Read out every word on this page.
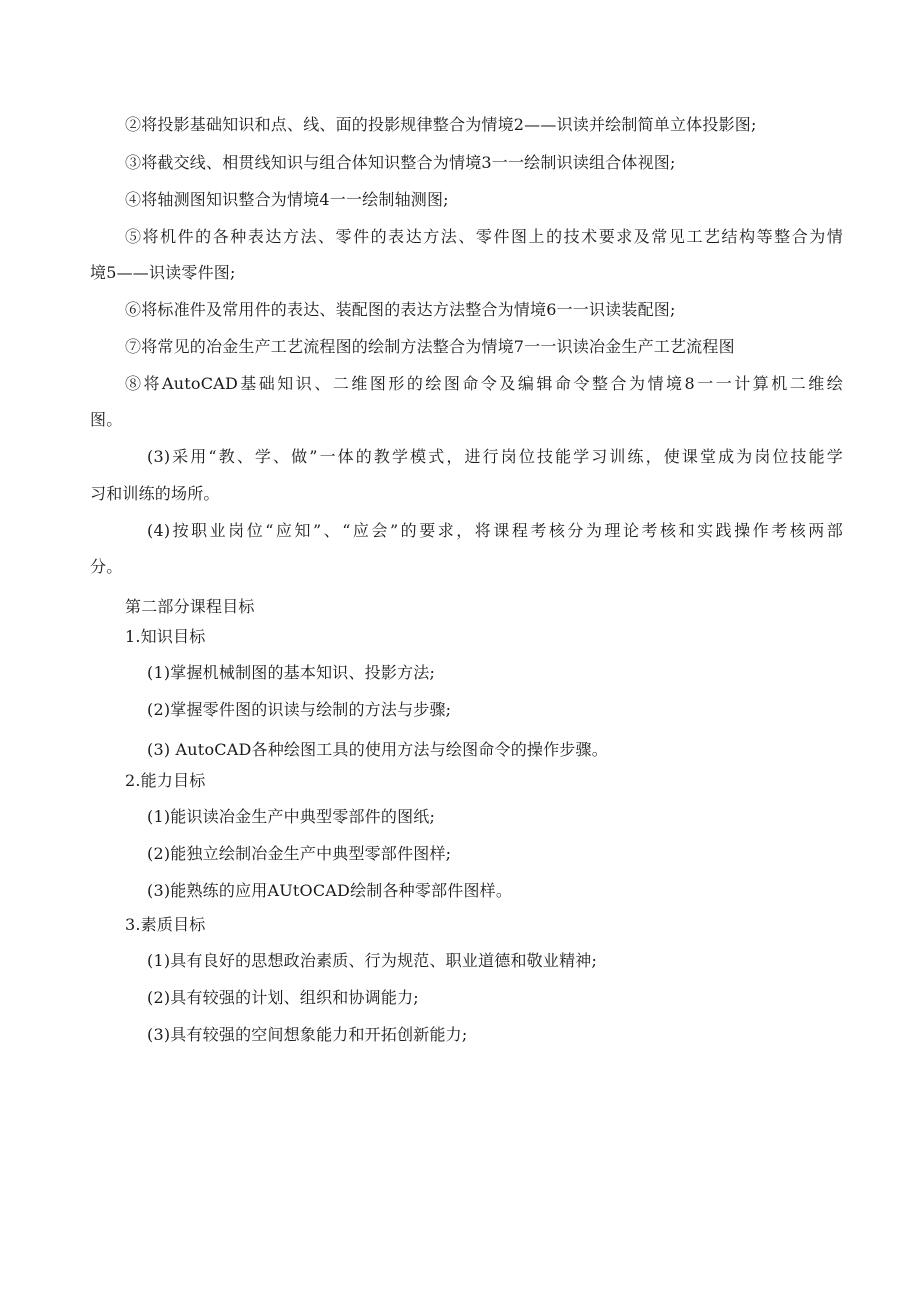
②将投影基础知识和点、线、面的投影规律整合为情境2——识读并绘制简单立体投影图;
③将截交线、相贯线知识与组合体知识整合为情境3一一绘制识读组合体视图;
④将轴测图知识整合为情境4一一绘制轴测图;
⑤将机件的各种表达方法、零件的表达方法、零件图上的技术要求及常见工艺结构等整合为情
境5——识读零件图;
⑥将标准件及常用件的表达、装配图的表达方法整合为情境6一一识读装配图;
⑦将常见的冶金生产工艺流程图的绘制方法整合为情境7一一识读冶金生产工艺流程图
⑧将AutoCAD基础知识、二维图形的绘图命令及编辑命令整合为情境8一一计算机二维绘
图。
(3)采用“教、学、做”一体的教学模式，进行岗位技能学习训练，使课堂成为岗位技能学
习和训练的场所。
(4)按职业岗位“应知”、“应会”的要求，将课程考核分为理论考核和实践操作考核两部
分。
第二部分课程目标
1.知识目标
(1)掌握机械制图的基本知识、投影方法;
(2)掌握零件图的识读与绘制的方法与步骤;
(3) AutoCAD各种绘图工具的使用方法与绘图命令的操作步骤。
2.能力目标
(1)能识读冶金生产中典型零部件的图纸;
(2)能独立绘制冶金生产中典型零部件图样;
(3)能熟练的应用AUtOCAD绘制各种零部件图样。
3.素质目标
(1)具有良好的思想政治素质、行为规范、职业道德和敬业精神;
(2)具有较强的计划、组织和协调能力;
(3)具有较强的空间想象能力和开拓创新能力;
